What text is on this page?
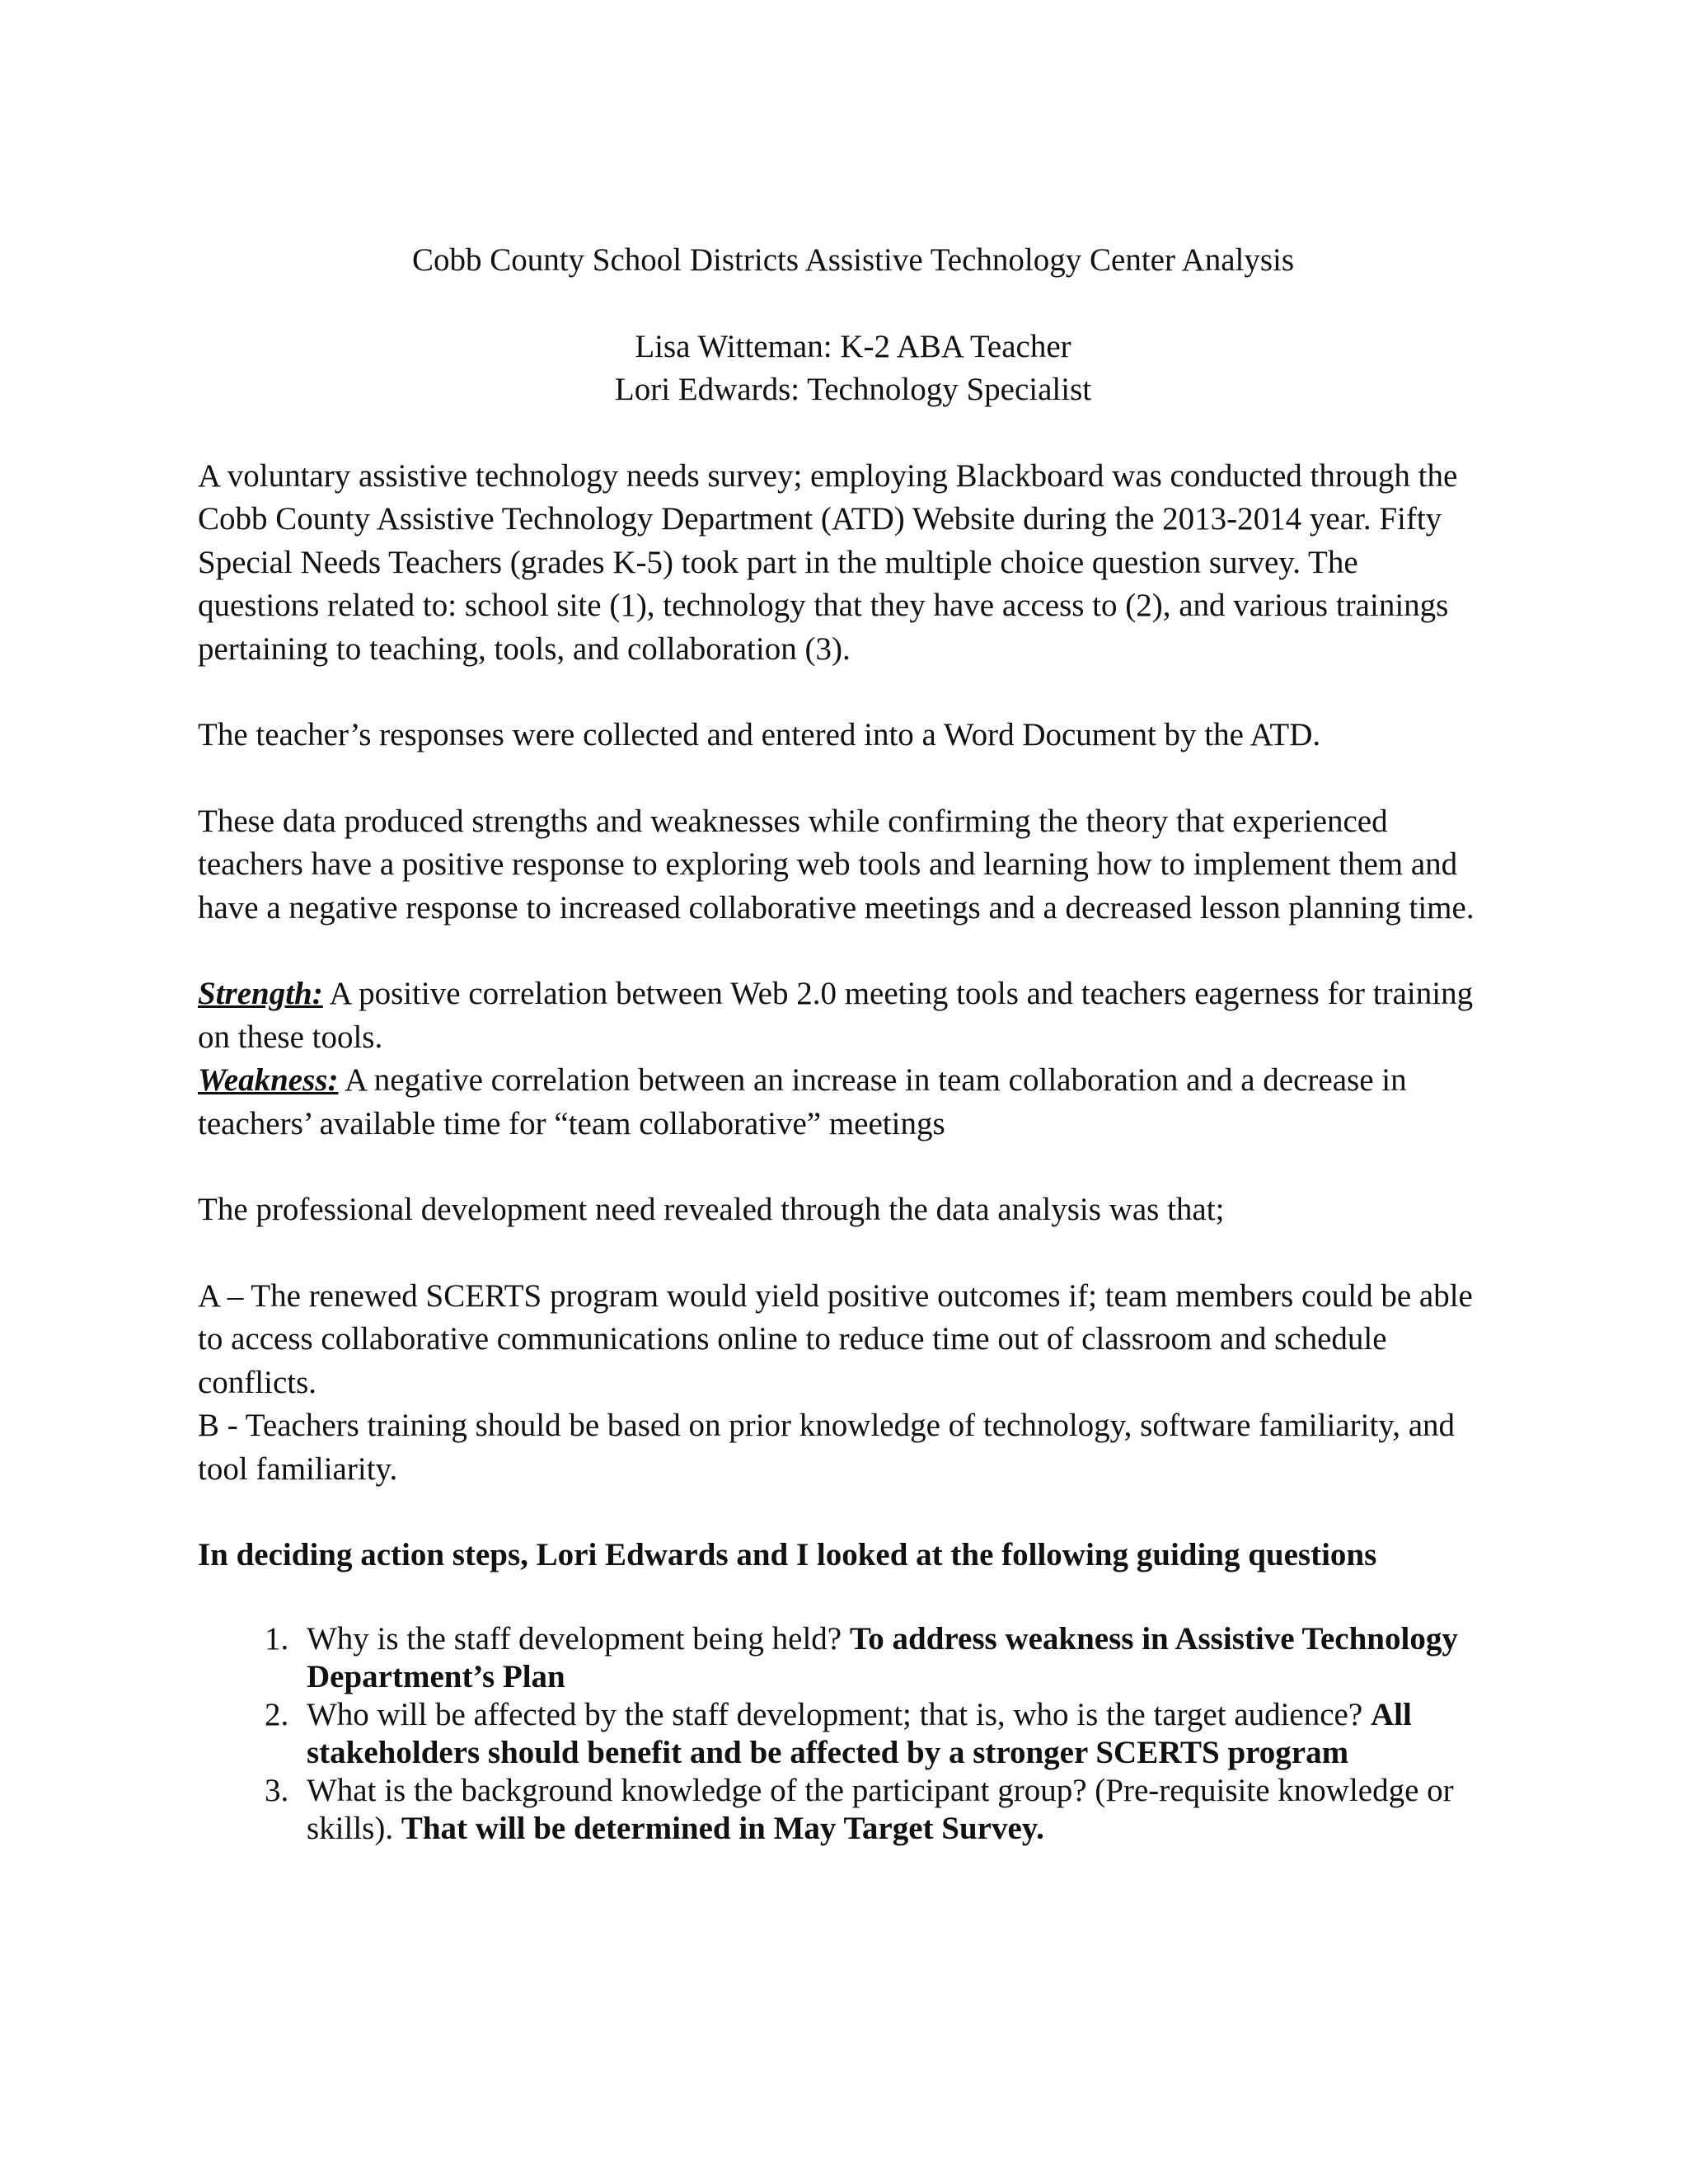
Cobb County School Districts Assistive Technology Center Analysis
Lisa Witteman: K-2 ABA Teacher
Lori Edwards: Technology Specialist

A voluntary assistive technology needs survey; employing Blackboard was conducted through the Cobb County Assistive Technology Department (ATD) Website during the 2013-2014 year. Fifty Special Needs Teachers (grades K-5) took part in the multiple choice question survey. The questions related to: school site (1), technology that they have access to (2), and various trainings pertaining to teaching, tools, and collaboration (3).

The teacher’s responses were collected and entered into a Word Document by the ATD.

These data produced strengths and weaknesses while confirming the theory that experienced teachers have a positive response to exploring web tools and learning how to implement them and have a negative response to increased collaborative meetings and a decreased lesson planning time.

Strength: A positive correlation between Web 2.0 meeting tools and teachers eagerness for training on these tools.

Weakness: A negative correlation between an increase in team collaboration and a decrease in teachers’ available time for “team collaborative” meetings

The professional development need revealed through the data analysis was that;

A – The renewed SCERTS program would yield positive outcomes if; team members could be able to access collaborative communications online to reduce time out of classroom and schedule conflicts.

B - Teachers training should be based on prior knowledge of technology, software familiarity, and tool familiarity.

In deciding action steps, Lori Edwards and I looked at the following guiding questions
1. Why is the staff development being held? To address weakness in Assistive Technology Department’s Plan
2. Who will be affected by the staff development; that is, who is the target audience? All stakeholders should benefit and be affected by a stronger SCERTS program
3. What is the background knowledge of the participant group? (Pre-requisite knowledge or skills). That will be determined in May Target Survey.
